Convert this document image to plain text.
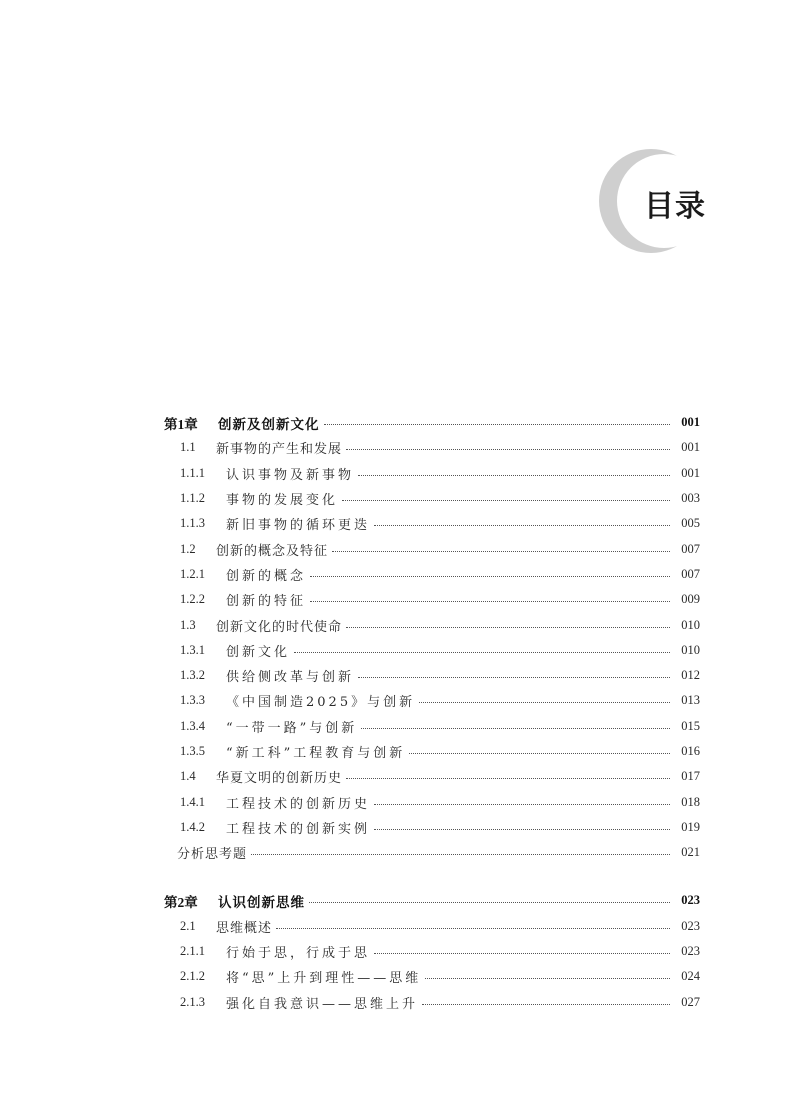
目录
第1章	创新及创新文化	001
1.1	新事物的产生和发展	001
1.1.1	认识事物及新事物	001
1.1.2	事物的发展变化	003
1.1.3	新旧事物的循环更迭	005
1.2	创新的概念及特征	007
1.2.1	创新的概念	007
1.2.2	创新的特征	009
1.3	创新文化的时代使命	010
1.3.1	创新文化	010
1.3.2	供给侧改革与创新	012
1.3.3	《中国制造2025》与创新	013
1.3.4	“一带一路”与创新	015
1.3.5	“新工科”工程教育与创新	016
1.4	华夏文明的创新历史	017
1.4.1	工程技术的创新历史	018
1.4.2	工程技术的创新实例	019
分析思考题	021
第2章	认识创新思维	023
2.1	思维概述	023
2.1.1	行始于思，行成于思	023
2.1.2	将“思”上升到理性——思维	024
2.1.3	强化自我意识——思维上升	027
